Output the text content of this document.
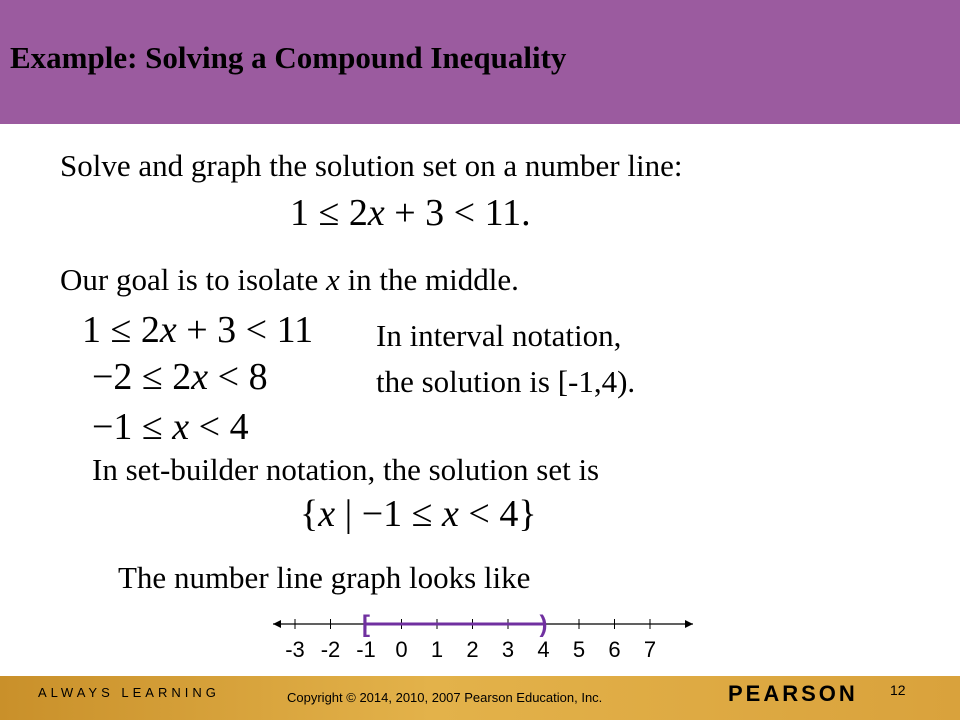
Example: Solving a Compound Inequality
Solve and graph the solution set on a number line:
1 ≤ 2x + 3 < 11.
Our goal is to isolate x in the middle.
1 ≤ 2x + 3 < 11
−2 ≤ 2x < 8
−1 ≤ x < 4
In interval notation,
the solution is [-1,4).
In set-builder notation, the solution set is
{x | −1 ≤ x < 4}
The number line graph looks like
-3 -2 -1 0 1 2 3 4 5 6 7
[	)
ALWAYS LEARNING	Copyright © 2014, 2010, 2007 Pearson Education, Inc.	PEARSON 12
